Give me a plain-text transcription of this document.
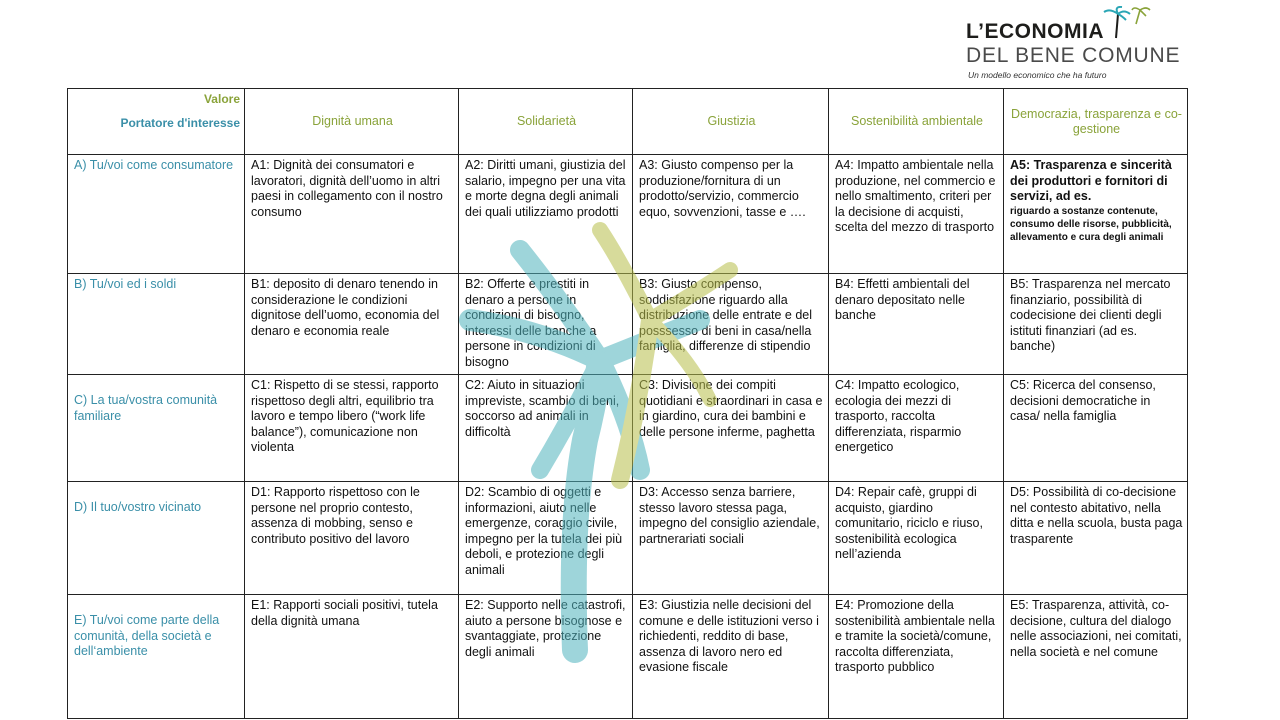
L’ECONOMIA
DEL BENE COMUNE
Un modello economico che ha futuro
Valore
Portatore d'interesse	Dignità umana	Solidarietà	Giustizia	Sostenibilità ambientale	Democrazia, trasparenza e co-gestione
A) Tu/voi come consumatore	A1: Dignità dei consumatori e lavoratori, dignità dell’uomo in altri paesi in collegamento con il nostro consumo	A2: Diritti umani, giustizia del salario, impegno per una vita e morte degna degli animali dei quali utilizziamo prodotti	A3: Giusto compenso per la produzione/fornitura di un prodotto/servizio, commercio equo, sovvenzioni, tasse e ….	A4: Impatto ambientale nella produzione, nel commercio e nello smaltimento, criteri per la decisione di acquisti, scelta del mezzo di trasporto	A5: Trasparenza e sincerità dei produttori e fornitori di servizi, ad es.
riguardo a sostanze contenute, consumo delle risorse, pubblicità, allevamento e cura degli animali

B) Tu/voi ed i soldi	B1: deposito di denaro tenendo in considerazione le condizioni dignitose dell’uomo, economia del denaro e economia reale	B2: Offerte e prestiti in denaro a persone in condizioni di bisogno, interessi delle banche a persone in condizioni di bisogno	B3: Giusto compenso, soddisfazione riguardo alla distribuzione delle entrate e del posssesso di beni in casa/nella famiglia, differenze di stipendio	B4: Effetti ambientali del denaro depositato nelle banche	B5: Trasparenza nel mercato finanziario, possibilità di codecisione dei clienti degli istituti finanziari (ad es. banche)
C) La tua/vostra comunità familiare	C1: Rispetto di se stessi, rapporto rispettoso degli altri, equilibrio tra lavoro e tempo libero (“work life balance”), comunicazione non violenta	C2: Aiuto in situazioni impreviste, scambio di beni, soccorso ad animali in difficoltà	C3: Divisione dei compiti quotidiani e straordinari in casa e in giardino, cura dei bambini e delle persone inferme, paghetta	C4: Impatto ecologico, ecologia dei mezzi di trasporto, raccolta differenziata, risparmio energetico	C5: Ricerca del consenso, decisioni democratiche in casa/ nella famiglia
D) Il tuo/vostro vicinato	D1: Rapporto rispettoso con le persone nel proprio contesto, assenza di mobbing, senso e contributo positivo del lavoro	D2: Scambio di oggetti e informazioni, aiuto nelle emergenze, coraggio civile, impegno per la tutela dei più deboli, e protezione degli animali	D3: Accesso senza barriere, stesso lavoro stessa paga, impegno del consiglio aziendale, partnerariati sociali	D4: Repair cafè, gruppi di acquisto, giardino comunitario, riciclo e riuso, sostenibilità ecologica nell’azienda	D5: Possibilità di co-decisione nel contesto abitativo, nella ditta e nella scuola, busta paga trasparente
E) Tu/voi come parte della comunità, della società e dell‘ambiente	E1: Rapporti sociali positivi, tutela della dignità umana	E2: Supporto nelle catastrofi, aiuto a persone bisognose e svantaggiate, protezione degli animali	E3: Giustizia nelle decisioni del comune e delle istituzioni verso i richiedenti, reddito di base, assenza di lavoro nero ed evasione fiscale	E4: Promozione della sostenibilità ambientale nella e tramite la società/comune, raccolta differenziata, trasporto pubblico	E5: Trasparenza, attività, co-decisione, cultura del dialogo nelle associazioni, nei comitati, nella società e nel comune
